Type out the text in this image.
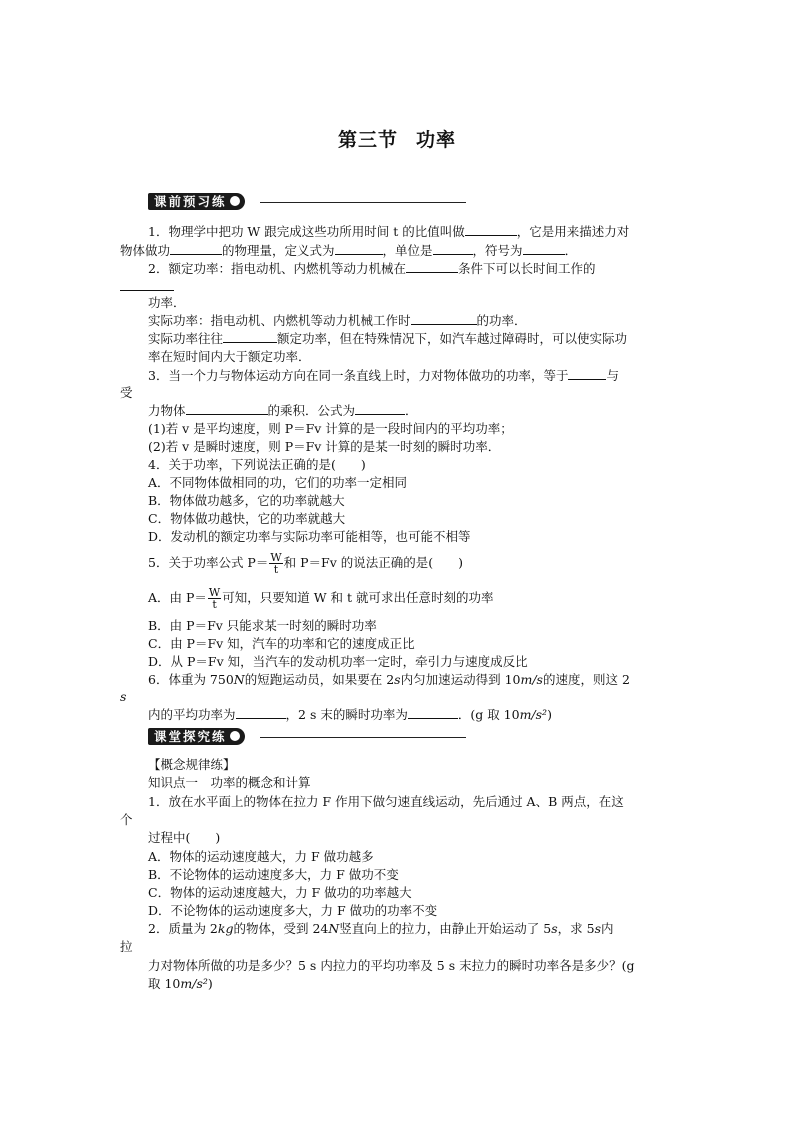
第三节 功率
课前预习练
1．物理学中把功 W 跟完成这些功所用时间 t 的比值叫做	，它是用来描述力对
物体做功	的物理量，定义式为	，单位是	，符号为	．
2．额定功率：指电动机、内燃机等动力机械在	条件下可以长时间工作的
功率．
实际功率：指电动机、内燃机等动力机械工作时	的功率．
实际功率往往	额定功率，但在特殊情况下，如汽车越过障碍时，可以使实际功
率在短时间内大于额定功率．
3．当一个力与物体运动方向在同一条直线上时，力对物体做功的功率，等于	与
受
力物体	的乘积．公式为	．
(1)若 v 是平均速度，则 P＝Fv 计算的是一段时间内的平均功率；
(2)若 v 是瞬时速度，则 P＝Fv 计算的是某一时刻的瞬时功率．
4．关于功率，下列说法正确的是(　　)
A．不同物体做相同的功，它们的功率一定相同
B．物体做功越多，它的功率就越大
C．物体做功越快，它的功率就越大
D．发动机的额定功率与实际功率可能相等，也可能不相等
5．关于功率公式 $P= \frac{W}{t}$ 和 P＝Fv 的说法正确的是(　　)
A．由 $P= \frac{W}{t}$ 可知，只要知道 W 和 t 就可求出任意时刻的功率
B．由 P＝Fv 只能求某一时刻的瞬时功率
C．由 P＝Fv 知，汽车的功率和它的速度成正比
D．从 P＝Fv 知，当汽车的发动机功率一定时，牵引力与速度成反比
6．体重为 750N的短跑运动员，如果要在 2s内匀加速运动得到 10m/s的速度，则这 2
s
内的平均功率为	，2 s 末的瞬时功率为	．(g 取 10m/s²)
课堂探究练
【概念规律练】
知识点一　功率的概念和计算
1．放在水平面上的物体在拉力 F 作用下做匀速直线运动，先后通过 A、B 两点，在这
个
过程中(　　)
A．物体的运动速度越大，力 F 做功越多
B．不论物体的运动速度多大，力 F 做功不变
C．物体的运动速度越大，力 F 做功的功率越大
D．不论物体的运动速度多大，力 F 做功的功率不变
2．质量为 2kg的物体，受到 24N竖直向上的拉力，由静止开始运动了 5s，求 5s内
拉
力对物体所做的功是多少？5 s 内拉力的平均功率及 5 s 末拉力的瞬时功率各是多少？(g
取 10m/s²)
